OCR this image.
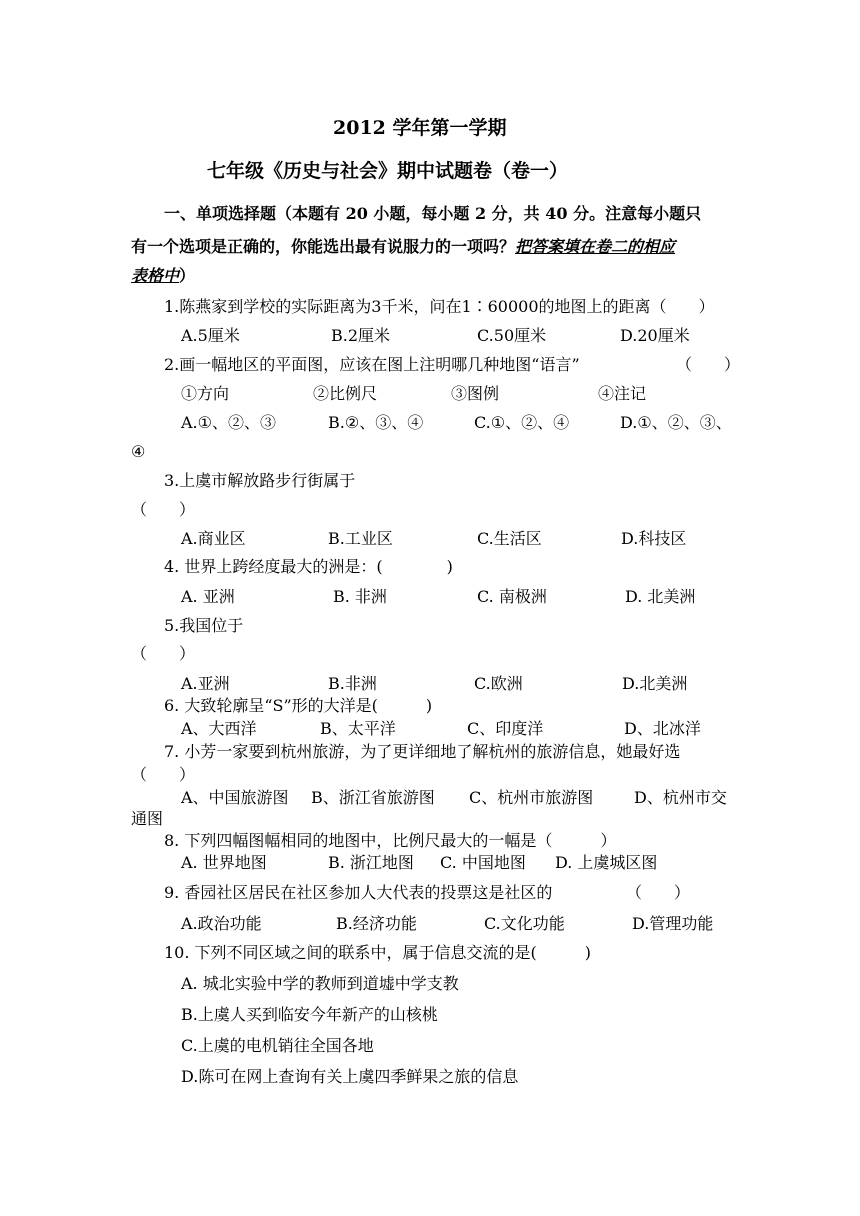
2012 学年第一学期
七年级《历史与社会》期中试题卷（卷一）
一、单项选择题（本题有 20 小题，每小题 2 分，共 40 分。注意每小题只
有一个选项是正确的，你能选出最有说服力的一项吗？把答案填在卷二的相应
表格中）
1.陈燕家到学校的实际距离为3千米，问在1∶60000的地图上的距离（　　）
A.5厘米	B.2厘米	C.50厘米	D.20厘米
2.画一幅地区的平面图，应该在图上注明哪几种地图“语言”	（　　）
①方向	②比例尺	③图例	④注记
A.①、②、③	B.②、③、④	C.①、②、④	D.①、②、③、
④
3.上虞市解放路步行街属于
（　　）
A.商业区	B.工业区	C.生活区	D.科技区
4. 世界上跨经度最大的洲是：(　　　　)
A. 亚洲	B. 非洲	C. 南极洲	D. 北美洲
5.我国位于
（　　）
A.亚洲	B.非洲	C.欧洲	D.北美洲
6. 大致轮廓呈“S”形的大洋是(　　　)
A、大西洋	B、太平洋	C、印度洋	D、北冰洋
7. 小芳一家要到杭州旅游，为了更详细地了解杭州的旅游信息，她最好选
（　　）
A、中国旅游图 B、浙江省旅游图 C、杭州市旅游图	D、杭州市交
通图
8. 下列四幅图幅相同的地图中，比例尺最大的一幅是（　　　）
A. 世界地图	B. 浙江地图 C. 中国地图 D. 上虞城区图
9. 香园社区居民在社区参加人大代表的投票这是社区的	（　　）
A.政治功能	B.经济功能	C.文化功能	D.管理功能
10. 下列不同区域之间的联系中，属于信息交流的是(　　　)
A. 城北实验中学的教师到道墟中学支教
B.上虞人买到临安今年新产的山核桃
C.上虞的电机销往全国各地
D.陈可在网上查询有关上虞四季鲜果之旅的信息
